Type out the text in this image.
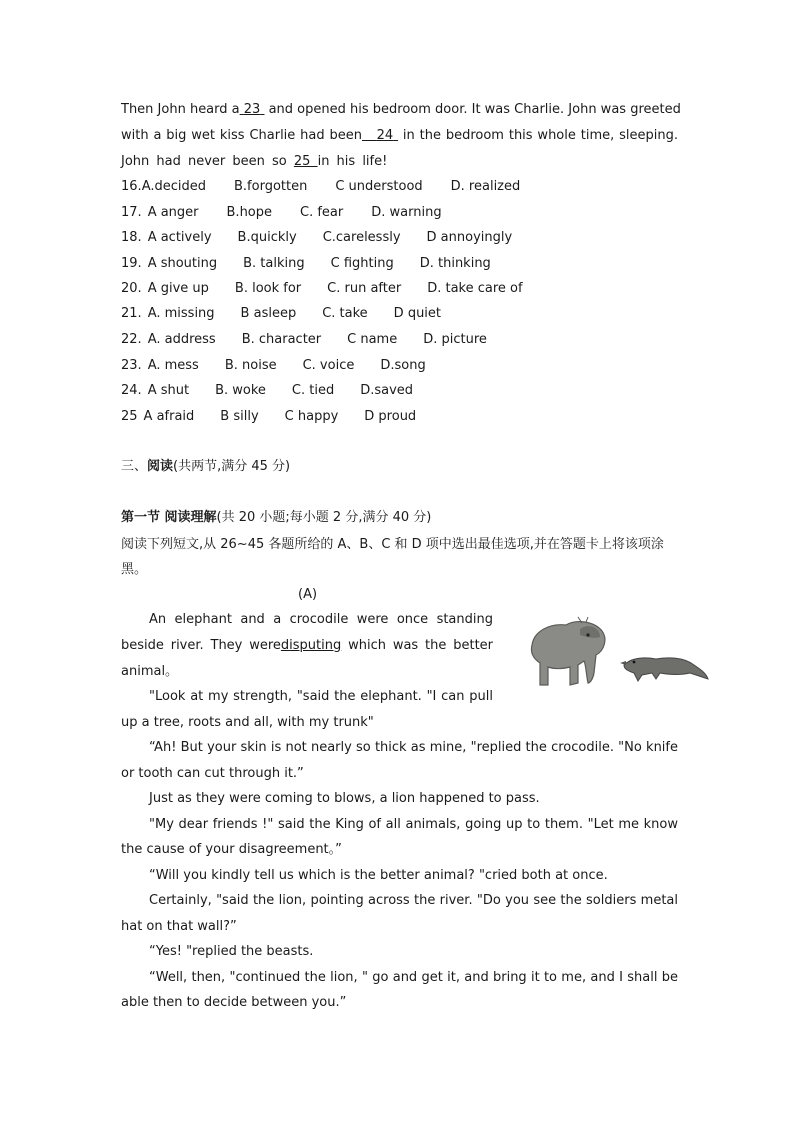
Then John heard a 23 and opened his bedroom door. It was Charlie. John was greeted
with a big wet kiss Charlie had been 24 in the bedroom this whole time, sleeping.
John had never been so 25 in his life!
16.A.decided B.forgotten C understood D. realized
17. A anger B.hope C. fear D. warning
18. A actively B.quickly C.carelessly D annoyingly
19. A shouting B. talking C fighting D. thinking
20. A give up B. look for C. run after D. take care of
21. A. missing B asleep C. take D quiet
22. A. address B. character C name D. picture
23. A. mess B. noise C. voice D.song
24. A shut B. woke C. tied D.saved
25 A afraid B silly C happy D proud
三、阅读(共两节,满分 45 分)
第一节 阅读理解(共 20 小题;每小题 2 分,满分 40 分)
阅读下列短文,从 26~45 各题所给的 A、B、C 和 D 项中选出最佳选项,并在答题卡上将该项涂
黑。
(A)
An elephant and a crocodile were once standing
beside river. They weredisputing which was the better
animal。
"Look at my strength, "said the elephant. "I can pull
up a tree, roots and all, with my trunk"
“Ah! But your skin is not nearly so thick as mine, "replied the crocodile. "No knife
or tooth can cut through it.”
Just as they were coming to blows, a lion happened to pass.
"My dear friends !" said the King of all animals, going up to them. "Let me know
the cause of your disagreement。”
“Will you kindly tell us which is the better animal? "cried both at once.
Certainly, "said the lion, pointing across the river. "Do you see the soldiers metal
hat on that wall?”
“Yes! "replied the beasts.
“Well, then, "continued the lion, " go and get it, and bring it to me, and I shall be
able then to decide between you.”
